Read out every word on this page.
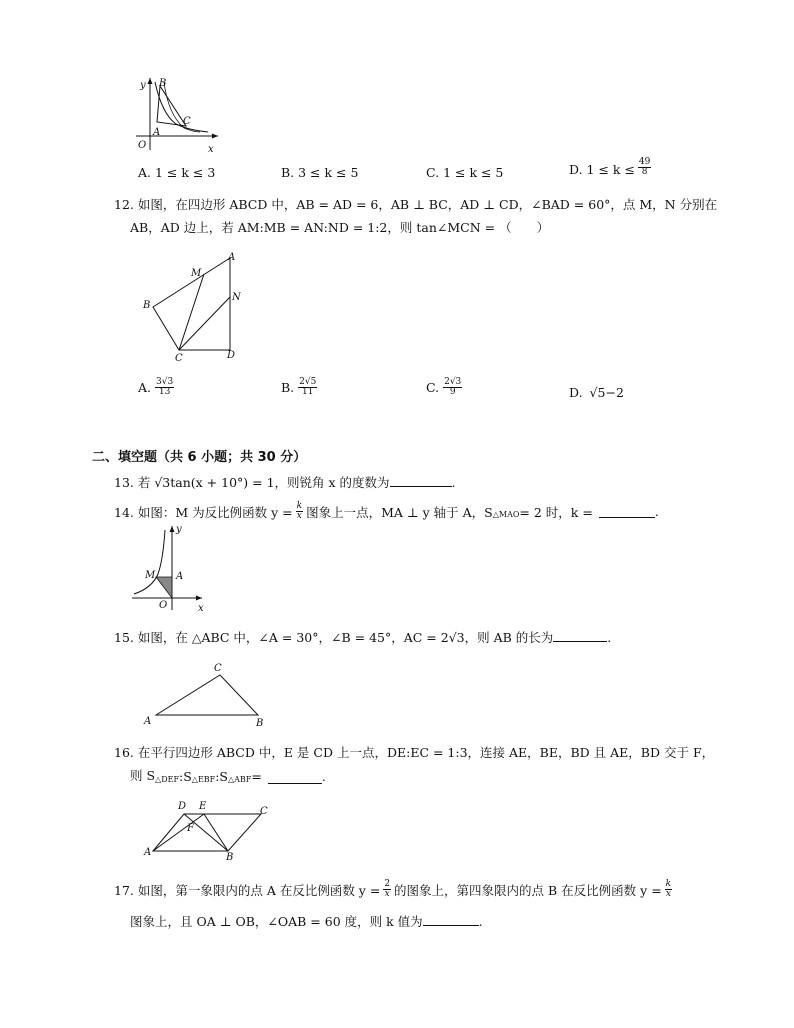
y B
C
A
O	x
A. 1 ≤ k ≤ 3	B. 3 ≤ k ≤ 5	C. 1 ≤ k ≤ 5	D. $1 \le k \le \frac{49}{8}$
12. 如图，在四边形 ABCD 中，AB = AD = 6，AB ⊥ BC，AD ⊥ CD，∠BAD = 60°，点 M，N 分别在
AB，AD 边上，若 AM:MB = AN:ND = 1:2，则 tan∠MCN = （　　）
A
M
N
B
C	D
A. $\frac{3√3}{13}$	B. $\frac{2√5}{11}$	C. $\frac{2√3}{9}$	D. √5−2
二、填空题（共 6 小题；共 30 分）
13. 若 √3tan(x + 10°) = 1，则锐角 x 的度数为	.
14. 如图：M 为反比例函数 $y = \frac{k}{x}$ 图象上一点，MA ⊥ y 轴于 A，S △MAO = 2 时，k =	.
y
M A
O	x
15. 如图，在 △ABC 中，∠A = 30°，∠B = 45°，AC = 2√3，则 AB 的长为	.
C
A	B
16. 在平行四边形 ABCD 中，E 是 CD 上一点，DE:EC = 1:3，连接 AE，BE，BD 且 AE，BD 交于 F，
则 S △DEF :S △EBF :S △ABF =	.
D E	C
F
A	B
17. 如图，第一象限内的点 A 在反比例函数 $y = \frac{2}{x}$ 的图象上，第四象限内的点 B 在反比例函数 $y = \frac{k}{x}$
图象上，且 OA ⊥ OB，∠OAB = 60 度，则 k 值为	.
